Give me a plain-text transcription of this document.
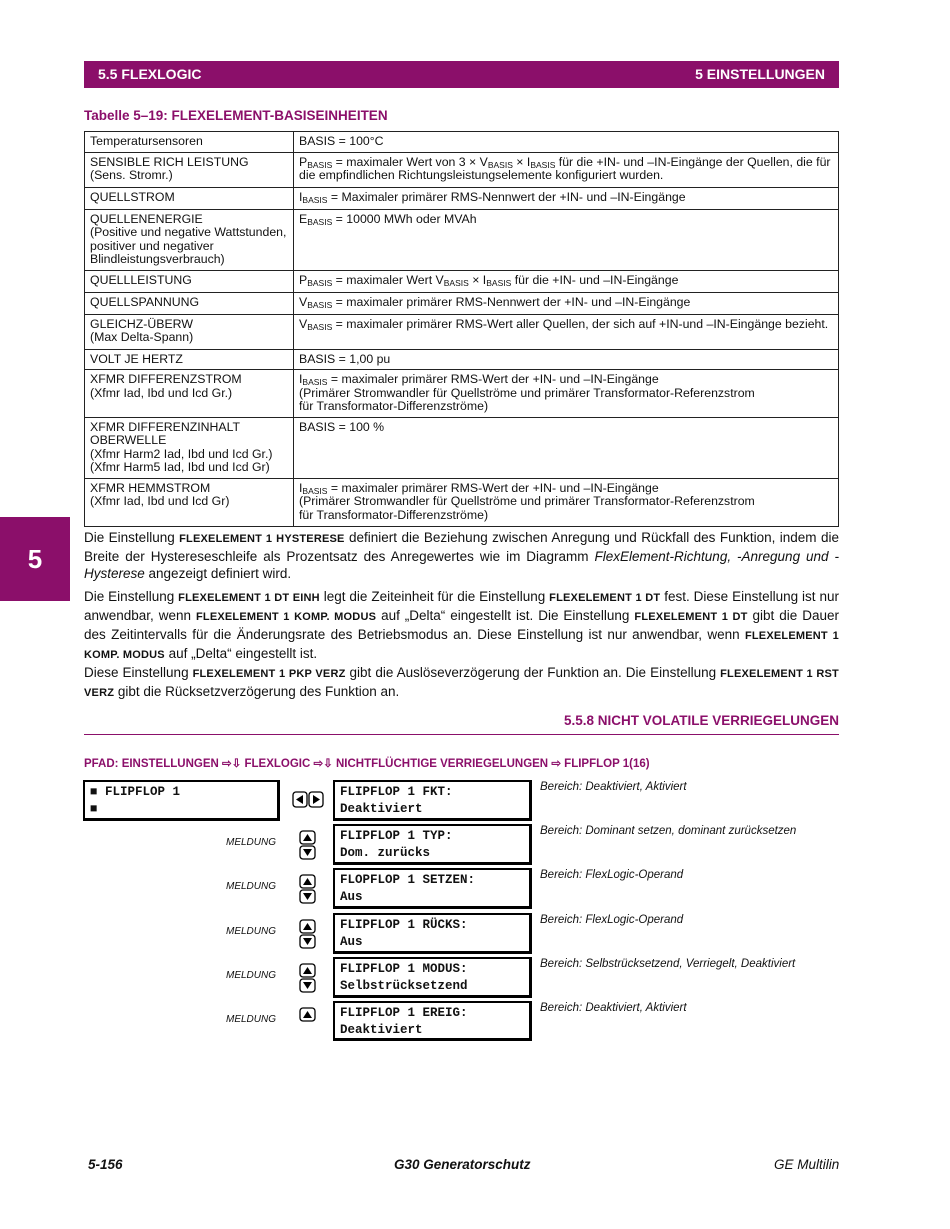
5.5 FLEXLOGIC	5 EINSTELLUNGEN
Tabelle 5–19: FLEXELEMENT-BASISEINHEITEN
Temperatursensoren	BASIS = 100°C
SENSIBLE RICH LEISTUNG
(Sens. Stromr.)	$P_{BASIS}$ = maximaler Wert von $3 \times V_{BASIS} \times I_{BASIS}$ für die +IN- und –IN-Eingänge der Quellen, die für die empfindlichen Richtungsleistungselemente konfiguriert wurden.
QUELLSTROM	$I_{BASIS}$ = Maximaler primärer RMS-Nennwert der +IN- und –IN-Eingänge
QUELLENENERGIE
(Positive und negative Wattstunden, positiver und negativer Blindleistungsverbrauch)	$E_{BASIS} = 10000$ MWh oder MVAh
QUELLLEISTUNG	$P_{BASIS}$ = maximaler Wert $V_{BASIS} \times I_{BASIS}$ für die +IN- und –IN-Eingänge
QUELLSPANNUNG	$V_{BASIS}$ = maximaler primärer RMS-Nennwert der +IN- und –IN-Eingänge
GLEICHZ-ÜBERW
(Max Delta-Spann)	$V_{BASIS}$ = maximaler primärer RMS-Wert aller Quellen, der sich auf +IN-und –IN-Eingänge bezieht.
VOLT JE HERTZ	BASIS = 1,00 pu
XFMR DIFFERENZSTROM
(Xfmr Iad, Ibd und Icd Gr.)	$I_{BASIS}$ = maximaler primärer RMS-Wert der +IN- und –IN-Eingänge
(Primärer Stromwandler für Quellströme und primärer Transformator-Referenzstrom
für Transformator-Differenzströme)
XFMR DIFFERENZINHALT OBERWELLE
(Xfmr Harm2 Iad, Ibd und Icd Gr.)
(Xfmr Harm5 Iad, Ibd und Icd Gr)	BASIS = 100 %
XFMR HEMMSTROM
(Xfmr Iad, Ibd und Icd Gr)	$I_{BASIS}$ = maximaler primärer RMS-Wert der +IN- und –IN-Eingänge
(Primärer Stromwandler für Quellströme und primärer Transformator-Referenzstrom
für Transformator-Differenzströme)
5
Die Einstellung FLEXELEMENT 1 HYSTERESE definiert die Beziehung zwischen Anregung und Rückfall des Funktion, indem die Breite der Hystereseschleife als Prozentsatz des Anregewertes wie im Diagramm FlexElement-Richtung, -Anregung und -Hysterese angezeigt definiert wird.
Die Einstellung FLEXELEMENT 1 DT EINH legt die Zeiteinheit für die Einstellung FLEXELEMENT 1 DT fest. Diese Einstellung ist nur anwendbar, wenn FLEXELEMENT 1 KOMP. MODUS auf „Delta“ eingestellt ist. Die Einstellung FLEXELEMENT 1 DT gibt die Dauer des Zeitintervalls für die Änderungsrate des Betriebsmodus an. Diese Einstellung ist nur anwendbar, wenn FLEXELEMENT 1 KOMP. MODUS auf „Delta“ eingestellt ist.
Diese Einstellung FLEXELEMENT 1 PKP VERZ gibt die Auslöseverzögerung der Funktion an. Die Einstellung FLEXELEMENT 1 RST VERZ gibt die Rücksetzverzögerung des Funktion an.
5.5.8 NICHT VOLATILE VERRIEGELUNGEN
PFAD: EINSTELLUNGEN ⇨⇩ FLEXLOGIC ⇨⇩ NICHTFLÜCHTIGE VERRIEGELUNGEN ⇨ FLIPFLOP 1(16)
■ FLIPFLOP 1
■
FLIPFLOP 1 FKT:
Deaktiviert
Bereich: Deaktiviert, Aktiviert
FLIPFLOP 1 TYP:
Dom. zurücks
Bereich: Dominant setzen, dominant zurücksetzen
MELDUNG
FLOPFLOP 1 SETZEN:
Aus
Bereich: FlexLogic-Operand
MELDUNG
FLIPFLOP 1 RÜCKS:
Aus
Bereich: FlexLogic-Operand
MELDUNG
FLIPFLOP 1 MODUS:
Selbstrücksetzend
Bereich: Selbstrücksetzend, Verriegelt, Deaktiviert
MELDUNG
FLIPFLOP 1 EREIG:
Deaktiviert
Bereich: Deaktiviert, Aktiviert
MELDUNG
5-156	G30 Generatorschutz	GE Multilin
